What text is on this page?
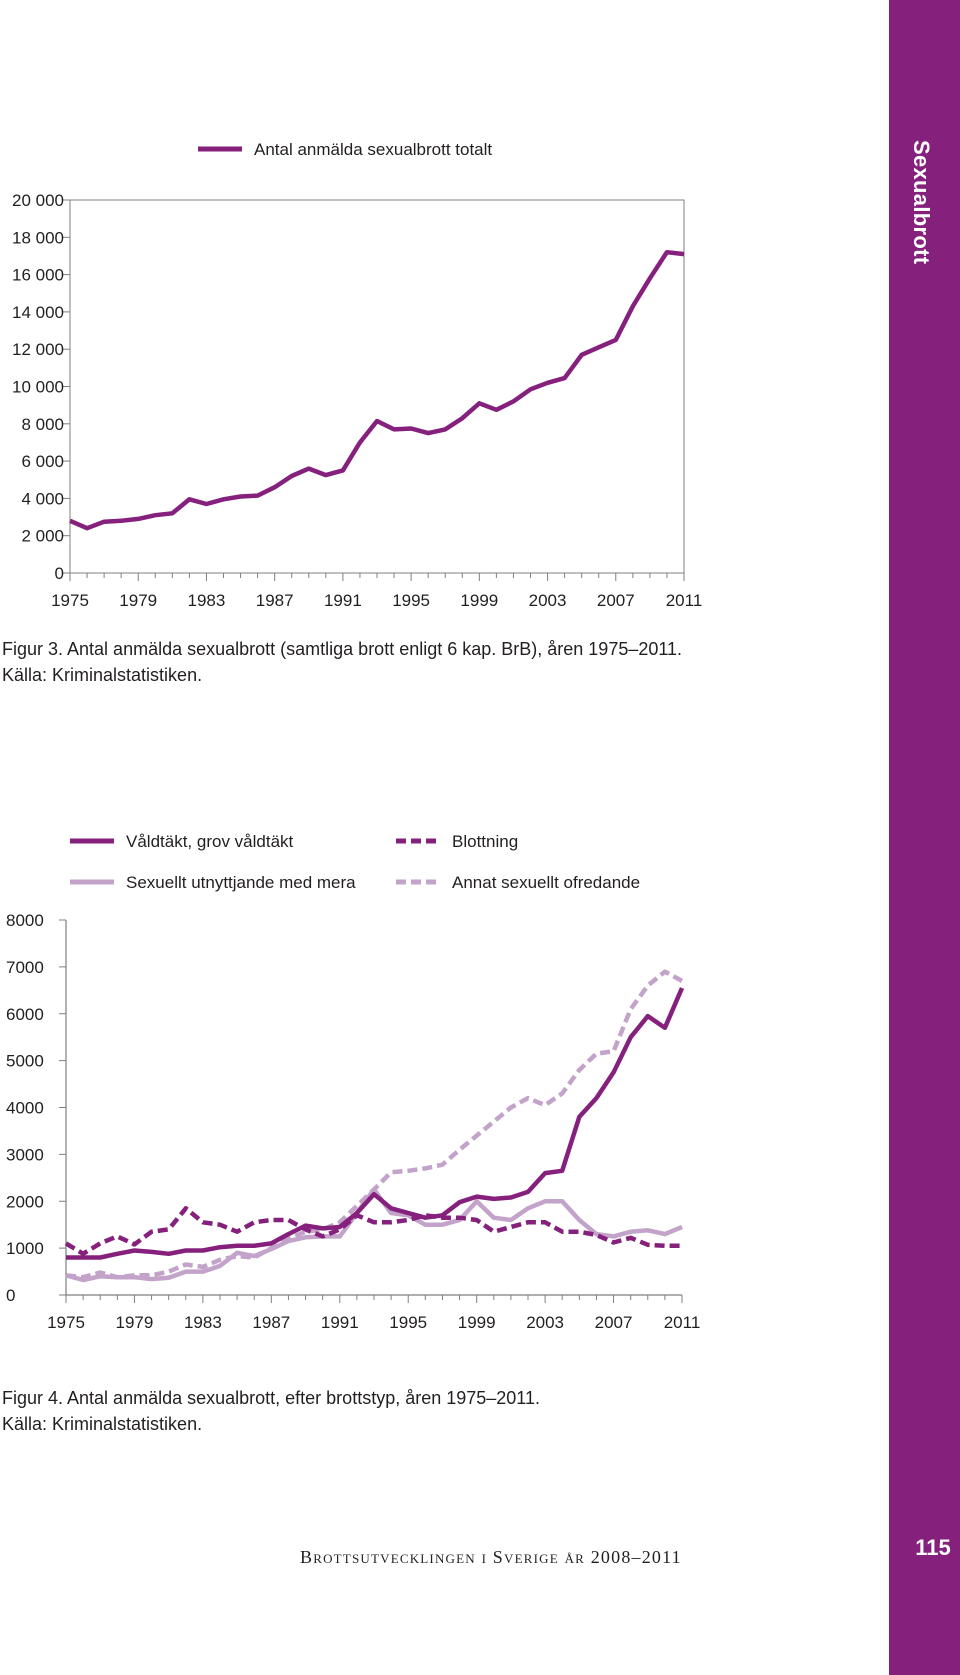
Sexualbrott
115
0
2 000
4 000
6 000
8 000
10 000
12 000
14 000
16 000
18 000
20 000
1975 1979 1983 1987 1991 1995 1999 2003 2007 2011
Antal anmälda sexualbrott totalt
Figur 3. Antal anmälda sexualbrott (samtliga brott enligt 6 kap. BrB), åren 1975–2011. Källa: Kriminalstatistiken.
0
1000
2000
3000
4000
5000
6000
7000
8000
1975 1979 1983 1987 1991 1995 1999 2003 2007 2011
Våldtäkt, grov våldtäkt	Blottning
Sexuellt utnyttjande med mera	Annat sexuellt ofredande
Figur 4. Antal anmälda sexualbrott, efter brottstyp, åren 1975–2011.
Källa: Kriminalstatistiken.
Brottsutvecklingen i Sverige år 2008–2011
